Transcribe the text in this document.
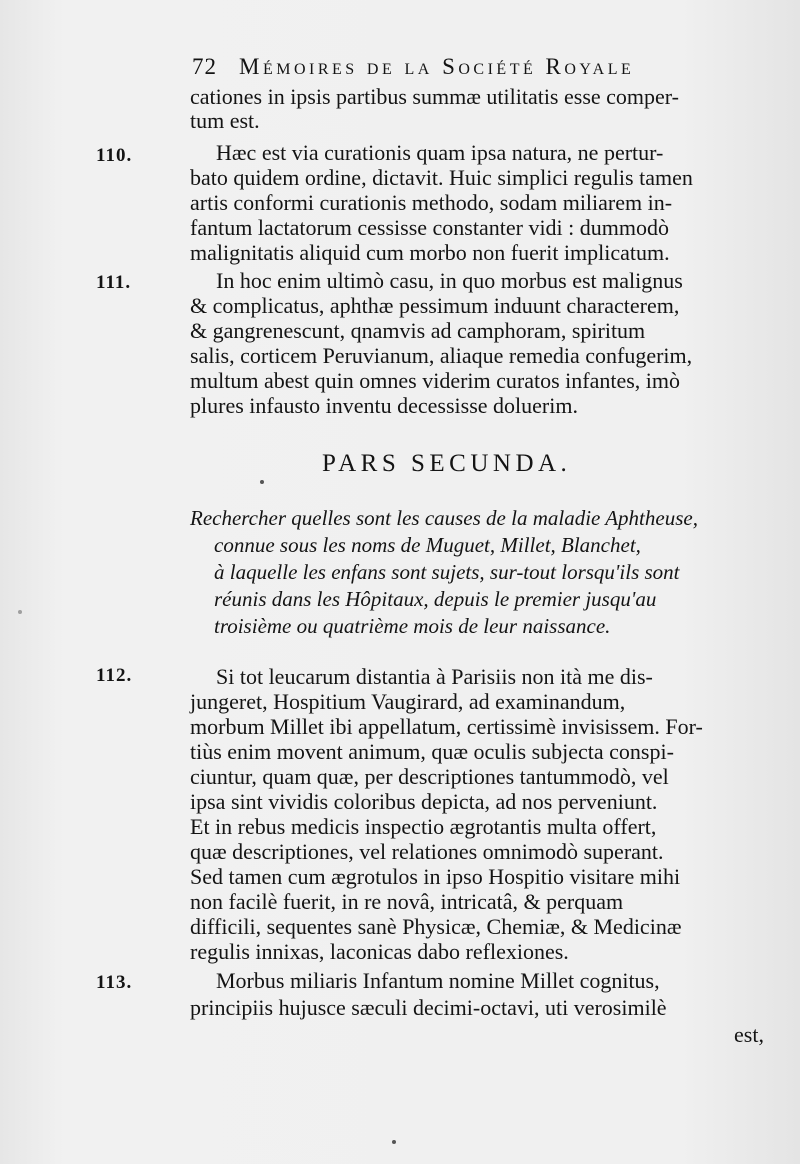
72 Mémoires de la Société Royale
cationes in ipsis partibus summæ utilitatis esse comper-
tum est.
110.	Hæc est via curationis quam ipsa natura, ne pertur-
bato quidem ordine, dictavit. Huic simplici regulis tamen
artis conformi curationis methodo, sodam miliarem in-
fantum lactatorum cessisse constanter vidi : dummodò
malignitatis aliquid cum morbo non fuerit implicatum.
111.	In hoc enim ultimò casu, in quo morbus est malignus
& complicatus, aphthæ pessimum induunt characterem,
& gangrenescunt, qnamvis ad camphoram, spiritum
salis, corticem Peruvianum, aliaque remedia confugerim,
multum abest quin omnes viderim curatos infantes, imò
plures infausto inventu decessisse doluerim.
PARS SECUNDA.
Rechercher quelles sont les causes de la maladie Aphtheuse,
connue sous les noms de Muguet, Millet, Blanchet,
à laquelle les enfans sont sujets, sur-tout lorsqu'ils sont
réunis dans les Hôpitaux, depuis le premier jusqu'au
troisième ou quatrième mois de leur naissance.
112.	Si tot leucarum distantia à Parisiis non ità me dis-
jungeret, Hospitium Vaugirard, ad examinandum,
morbum Millet ibi appellatum, certissimè invisissem. For-
tiùs enim movent animum, quæ oculis subjecta conspi-
ciuntur, quam quæ, per descriptiones tantummodò, vel
ipsa sint vividis coloribus depicta, ad nos perveniunt.
Et in rebus medicis inspectio ægrotantis multa offert,
quæ descriptiones, vel relationes omnimodò superant.
Sed tamen cum ægrotulos in ipso Hospitio visitare mihi
non facilè fuerit, in re novâ, intricatâ, & perquam
difficili, sequentes sanè Physicæ, Chemiæ, & Medicinæ
regulis innixas, laconicas dabo reflexiones.
113.	Morbus miliaris Infantum nomine Millet cognitus,
principiis hujusce sæculi decimi-octavi, uti verosimilè
est,
